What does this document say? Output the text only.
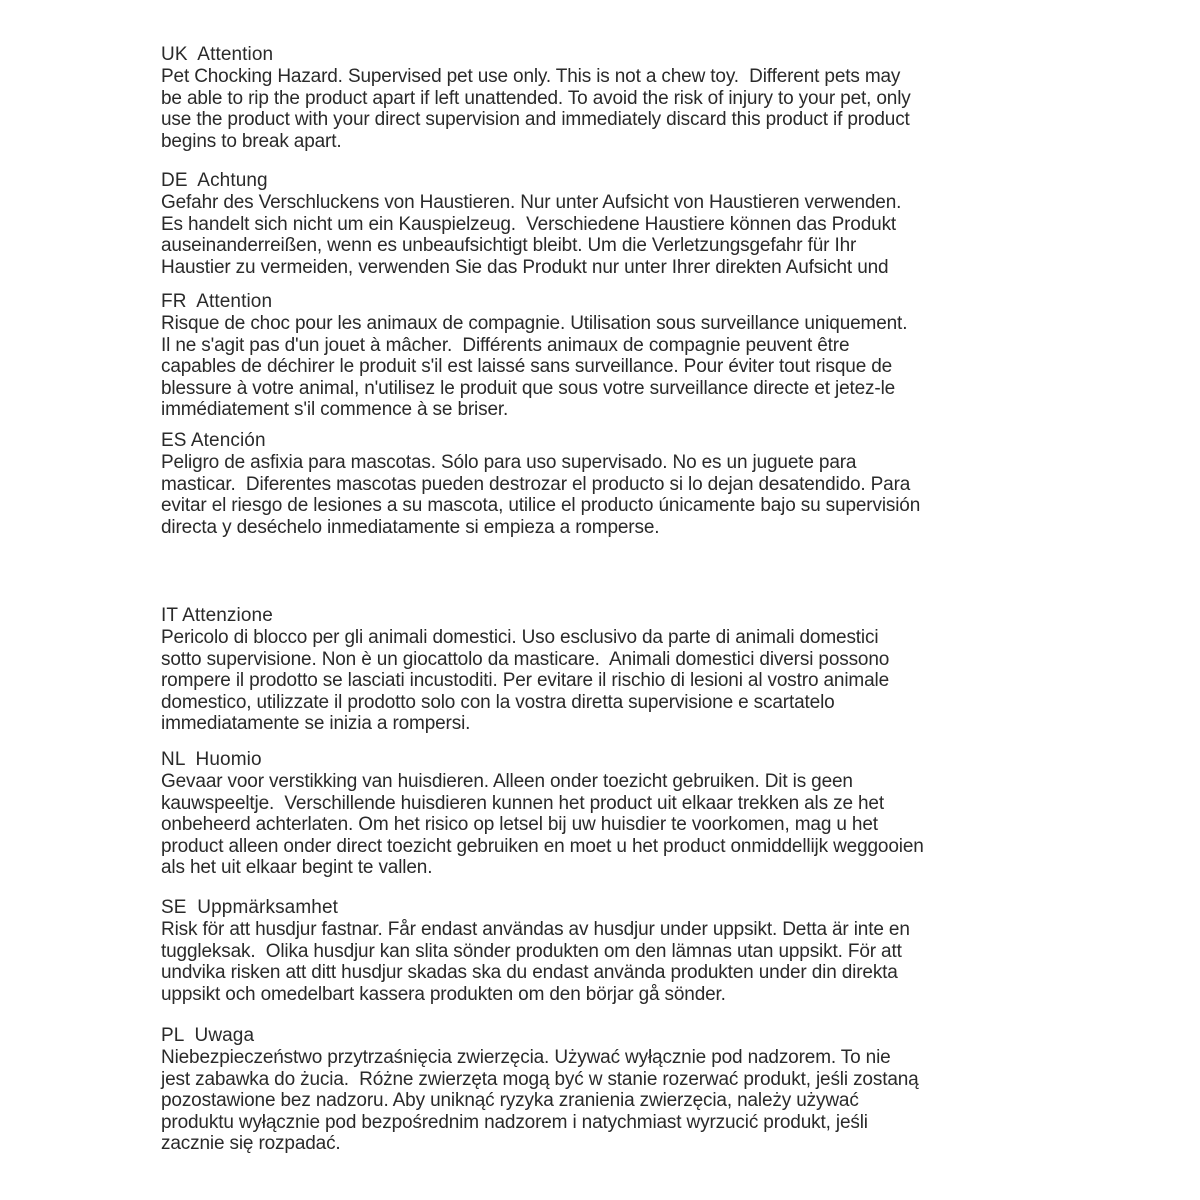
UK  Attention
Pet Chocking Hazard. Supervised pet use only. This is not a chew toy.  Different pets may
be able to rip the product apart if left unattended. To avoid the risk of injury to your pet, only
use the product with your direct supervision and immediately discard this product if product
begins to break apart.
DE  Achtung
Gefahr des Verschluckens von Haustieren. Nur unter Aufsicht von Haustieren verwenden.
Es handelt sich nicht um ein Kauspielzeug.  Verschiedene Haustiere können das Produkt
auseinanderreißen, wenn es unbeaufsichtigt bleibt. Um die Verletzungsgefahr für Ihr
Haustier zu vermeiden, verwenden Sie das Produkt nur unter Ihrer direkten Aufsicht und
FR  Attention
Risque de choc pour les animaux de compagnie. Utilisation sous surveillance uniquement.
Il ne s'agit pas d'un jouet à mâcher.  Différents animaux de compagnie peuvent être
capables de déchirer le produit s'il est laissé sans surveillance. Pour éviter tout risque de
blessure à votre animal, n'utilisez le produit que sous votre surveillance directe et jetez-le
immédiatement s'il commence à se briser.
ES Atención
Peligro de asfixia para mascotas. Sólo para uso supervisado. No es un juguete para
masticar.  Diferentes mascotas pueden destrozar el producto si lo dejan desatendido. Para
evitar el riesgo de lesiones a su mascota, utilice el producto únicamente bajo su supervisión
directa y deséchelo inmediatamente si empieza a romperse.
IT Attenzione
Pericolo di blocco per gli animali domestici. Uso esclusivo da parte di animali domestici
sotto supervisione. Non è un giocattolo da masticare.  Animali domestici diversi possono
rompere il prodotto se lasciati incustoditi. Per evitare il rischio di lesioni al vostro animale
domestico, utilizzate il prodotto solo con la vostra diretta supervisione e scartatelo
immediatamente se inizia a rompersi.
NL  Huomio
Gevaar voor verstikking van huisdieren. Alleen onder toezicht gebruiken. Dit is geen
kauwspeeltje.  Verschillende huisdieren kunnen het product uit elkaar trekken als ze het
onbeheerd achterlaten. Om het risico op letsel bij uw huisdier te voorkomen, mag u het
product alleen onder direct toezicht gebruiken en moet u het product onmiddellijk weggooien
als het uit elkaar begint te vallen.
SE  Uppmärksamhet
Risk för att husdjur fastnar. Får endast användas av husdjur under uppsikt. Detta är inte en
tuggleksak.  Olika husdjur kan slita sönder produkten om den lämnas utan uppsikt. För att
undvika risken att ditt husdjur skadas ska du endast använda produkten under din direkta
uppsikt och omedelbart kassera produkten om den börjar gå sönder.
PL  Uwaga
Niebezpieczeństwo przytrzaśnięcia zwierzęcia. Używać wyłącznie pod nadzorem. To nie
jest zabawka do żucia.  Różne zwierzęta mogą być w stanie rozerwać produkt, jeśli zostaną
pozostawione bez nadzoru. Aby uniknąć ryzyka zranienia zwierzęcia, należy używać
produktu wyłącznie pod bezpośrednim nadzorem i natychmiast wyrzucić produkt, jeśli
zacznie się rozpadać.
